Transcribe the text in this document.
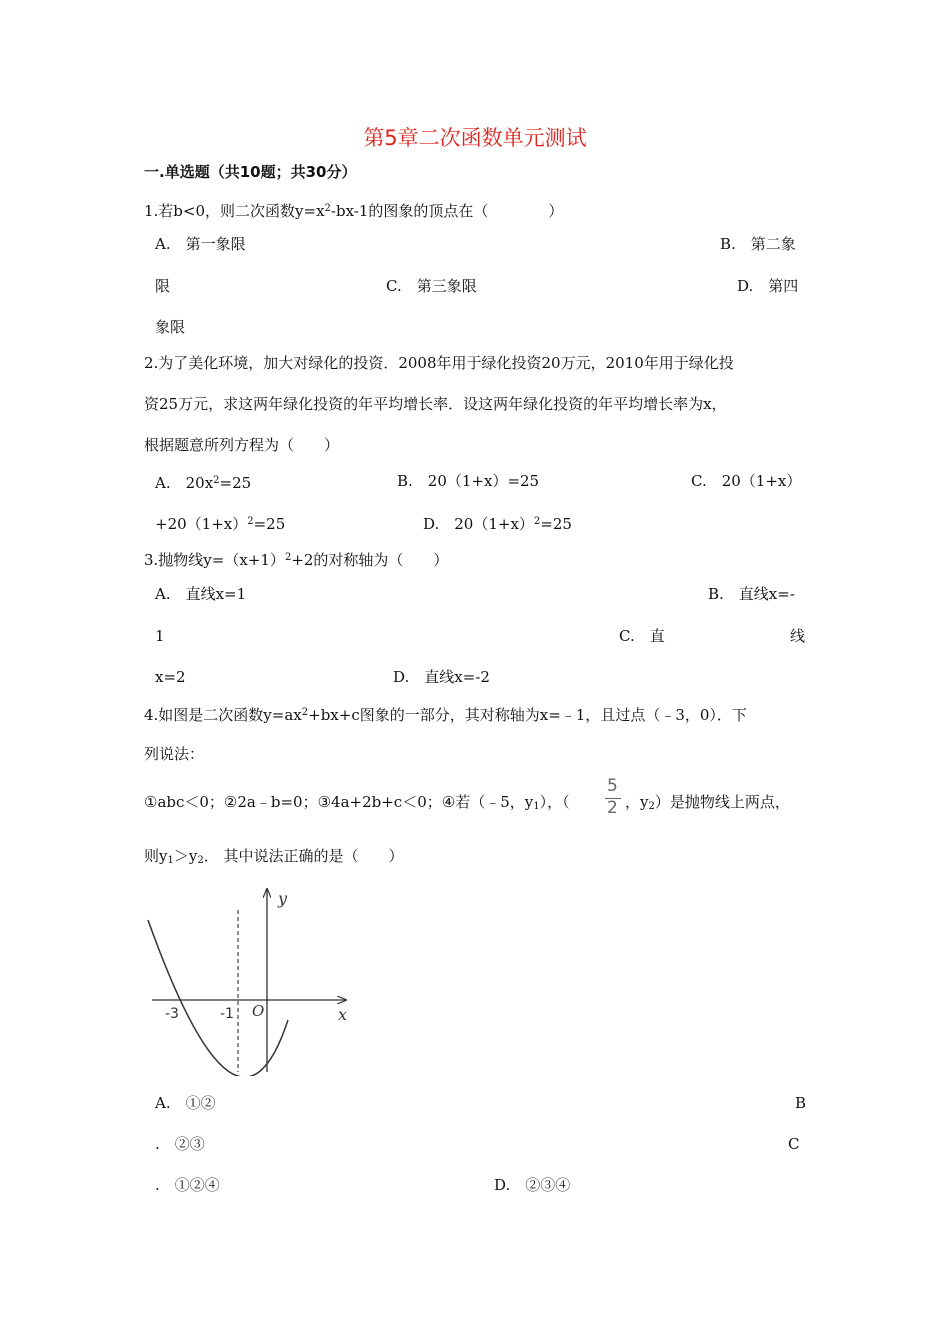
第5章二次函数单元测试
一.单选题（共10题；共30分）
1.若b<0，则二次函数$y=x^2-bx-1$的图象的顶点在（　　　　）
A.　第一象限	B.　第二象
限	C.　第三象限	D.　第四
象限
2.为了美化环境，加大对绿化的投资．2008年用于绿化投资20万元，2010年用于绿化投
资25万元，求这两年绿化投资的年平均增长率．设这两年绿化投资的年平均增长率为x，
根据题意所列方程为（　　）
A.　$20x^2=25$	B.　20（1+x）=25	C.　20（1+x）
$+20(1+x)^2=25$	D.　$20(1+x)^2=25$
3.抛物线$y=(x+1)^2+2$的对称轴为（　　）
A.　直线x=1	B.　直线x=-
1	C.　直	线
x=2	D.　直线x=-2
4.如图是二次函数$y=ax^2+bx+c$图象的一部分，其对称轴为x=﹣1，且过点（﹣3，0）．下
列说法：
①abc＜0；②2a﹣b=0；③4a+2b+c＜0；④若（﹣5，$y_1$），（
5
2 ，$y_2$）是抛物线上两点，
则$y_1>y_2$． 其中说法正确的是（　　）
y
x
O
-3	-1
A.　①②	B
.　②③	C
.　①②④	D.　②③④
